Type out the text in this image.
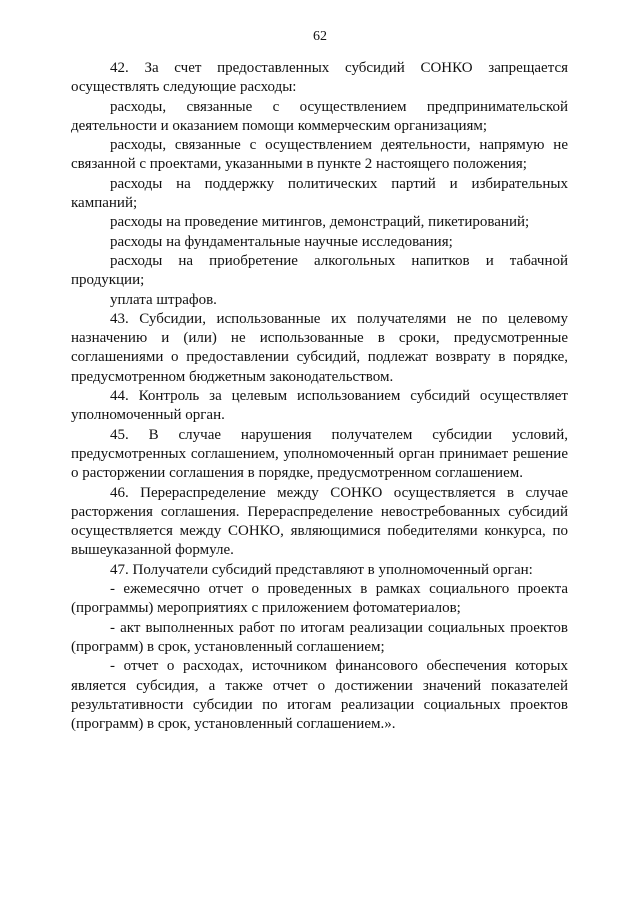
62

42. За счет предоставленных субсидий СОНКО запрещается осуществлять следующие расходы:

расходы, связанные с осуществлением предпринимательской деятельности и оказанием помощи коммерческим организациям;

расходы, связанные с осуществлением деятельности, напрямую не связанной с проектами, указанными в пункте 2 настоящего положения;

расходы на поддержку политических партий и избирательных кампаний;

расходы на проведение митингов, демонстраций, пикетирований;

расходы на фундаментальные научные исследования;

расходы на приобретение алкогольных напитков и табачной продукции;

уплата штрафов.

43. Субсидии, использованные их получателями не по целевому назначению и (или) не использованные в сроки, предусмотренные соглашениями о предоставлении субсидий, подлежат возврату в порядке, предусмотренном бюджетным законодательством.

44. Контроль за целевым использованием субсидий осуществляет уполномоченный орган.

45. В случае нарушения получателем субсидии условий, предусмотренных соглашением, уполномоченный орган принимает решение о расторжении соглашения в порядке, предусмотренном соглашением.

46. Перераспределение между СОНКО осуществляется в случае расторжения соглашения. Перераспределение невостребованных субсидий осуществляется между СОНКО, являющимися победителями конкурса, по вышеуказанной формуле.

47. Получатели субсидий представляют в уполномоченный орган:

- ежемесячно отчет о проведенных в рамках социального проекта (программы) мероприятиях с приложением фотоматериалов;

- акт выполненных работ по итогам реализации социальных проектов (программ) в срок, установленный соглашением;

- отчет о расходах, источником финансового обеспечения которых является субсидия, а также отчет о достижении значений показателей результативности субсидии по итогам реализации социальных проектов (программ) в срок, установленный соглашением.».
